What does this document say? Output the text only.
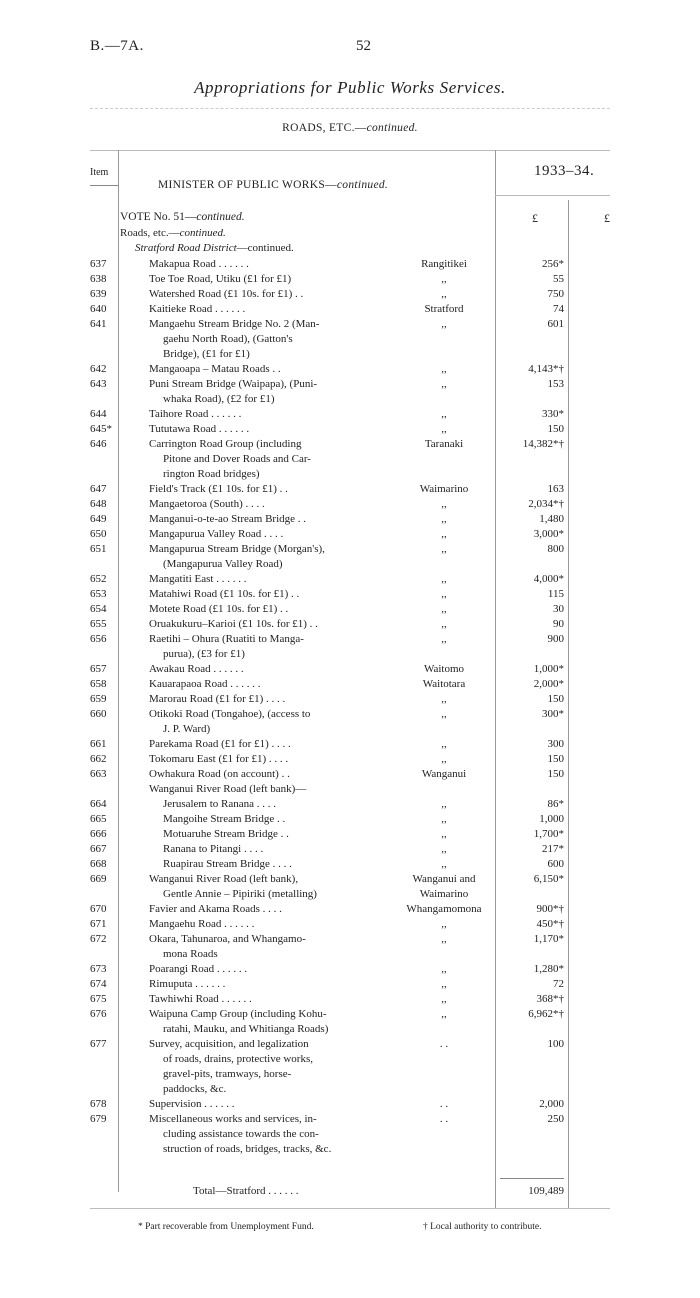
B.—7A.	52
Appropriations for Public Works Services.
ROADS, ETC.—continued.
Item	1933–34.
MINISTER OF PUBLIC WORKS—continued.
VOTE No. 51—continued.
Roads, etc.—continued.
Stratford Road District—continued.
£	£
637	Makapua Road . . . . . .	Rangitikei	256*
638	Toe Toe Road, Utiku (£1 for £1)	,,	55
639	Watershed Road (£1 10s. for £1) . .	,,	750
640	Kaitieke Road . . . . . .	Stratford	74
641	Mangaehu Stream Bridge No. 2 (Man-
gaehu North Road), (Gatton's
Bridge), (£1 for £1)
,,	601
642	Mangaoapa – Matau Roads . .	,,	4,143*†
643	Puni Stream Bridge (Waipapa), (Puni-
whaka Road), (£2 for £1)
,,	153
644	Taihore Road . . . . . .	,,	330*
645*	Tututawa Road . . . . . .	,,	150
646	Carrington Road Group (including
Pitone and Dover Roads and Car-
rington Road bridges)
Taranaki	14,382*†
647	Field's Track (£1 10s. for £1) . .	Waimarino	163
648	Mangaetoroa (South) . . . .	,,	2,034*†
649	Manganui-o-te-ao Stream Bridge . .	,,	1,480
650	Mangapurua Valley Road . . . .	,,	3,000*
651	Mangapurua Stream Bridge (Morgan's),
(Mangapurua Valley Road)
,,	800
652	Mangatiti East . . . . . .	,,	4,000*
653	Matahiwi Road (£1 10s. for £1) . .	,,	115
654	Motete Road (£1 10s. for £1) . .	,,	30
655	Oruakukuru–Karioi (£1 10s. for £1) . .	,,	90
656	Raetihi – Ohura (Ruatiti to Manga-
purua), (£3 for £1)
,,	900
657	Awakau Road . . . . . .	Waitomo	1,000*
658	Kauarapaoa Road . . . . . .	Waitotara	2,000*
659	Marorau Road (£1 for £1) . . . .	,,	150
660	Otikoki Road (Tongahoe), (access to
J. P. Ward)
,,	300*
661	Parekama Road (£1 for £1) . . . .	,,	300
662	Tokomaru East (£1 for £1) . . . .	,,	150
663	Owhakura Road (on account) . .	Wanganui	150
Wanganui River Road (left bank)—
664	Jerusalem to Ranana . . . .	,,	86*
665	Mangoihe Stream Bridge . .	,,	1,000
666	Motuaruhe Stream Bridge . .	,,	1,700*
667	Ranana to Pitangi . . . .	,,	217*
668	Ruapirau Stream Bridge . . . .	,,	600
669	Wanganui River Road (left bank),
Gentle Annie – Pipiriki (metalling)
Wanganui and
Waimarino
6,150*
670	Favier and Akama Roads . . . .	Whangamomona	900*†
671	Mangaehu Road . . . . . .	,,	450*†
672	Okara, Tahunaroa, and Whangamo-
mona Roads
,,	1,170*
673	Poarangi Road . . . . . .	,,	1,280*
674	Rimuputa . . . . . .	,,	72
675	Tawhiwhi Road . . . . . .	,,	368*†
676	Waipuna Camp Group (including Kohu-
ratahi, Mauku, and Whitianga Roads)
,,	6,962*†
677	Survey, acquisition, and legalization
of roads, drains, protective works,
gravel-pits, tramways, horse-
paddocks, &c.
. .	100
678	Supervision . . . . . .	. .	2,000
679	Miscellaneous works and services, in-
cluding assistance towards the con-
struction of roads, bridges, tracks, &c.
. .	250
Total—Stratford . . . . . .	109,489
* Part recoverable from Unemployment Fund.	† Local authority to contribute.
